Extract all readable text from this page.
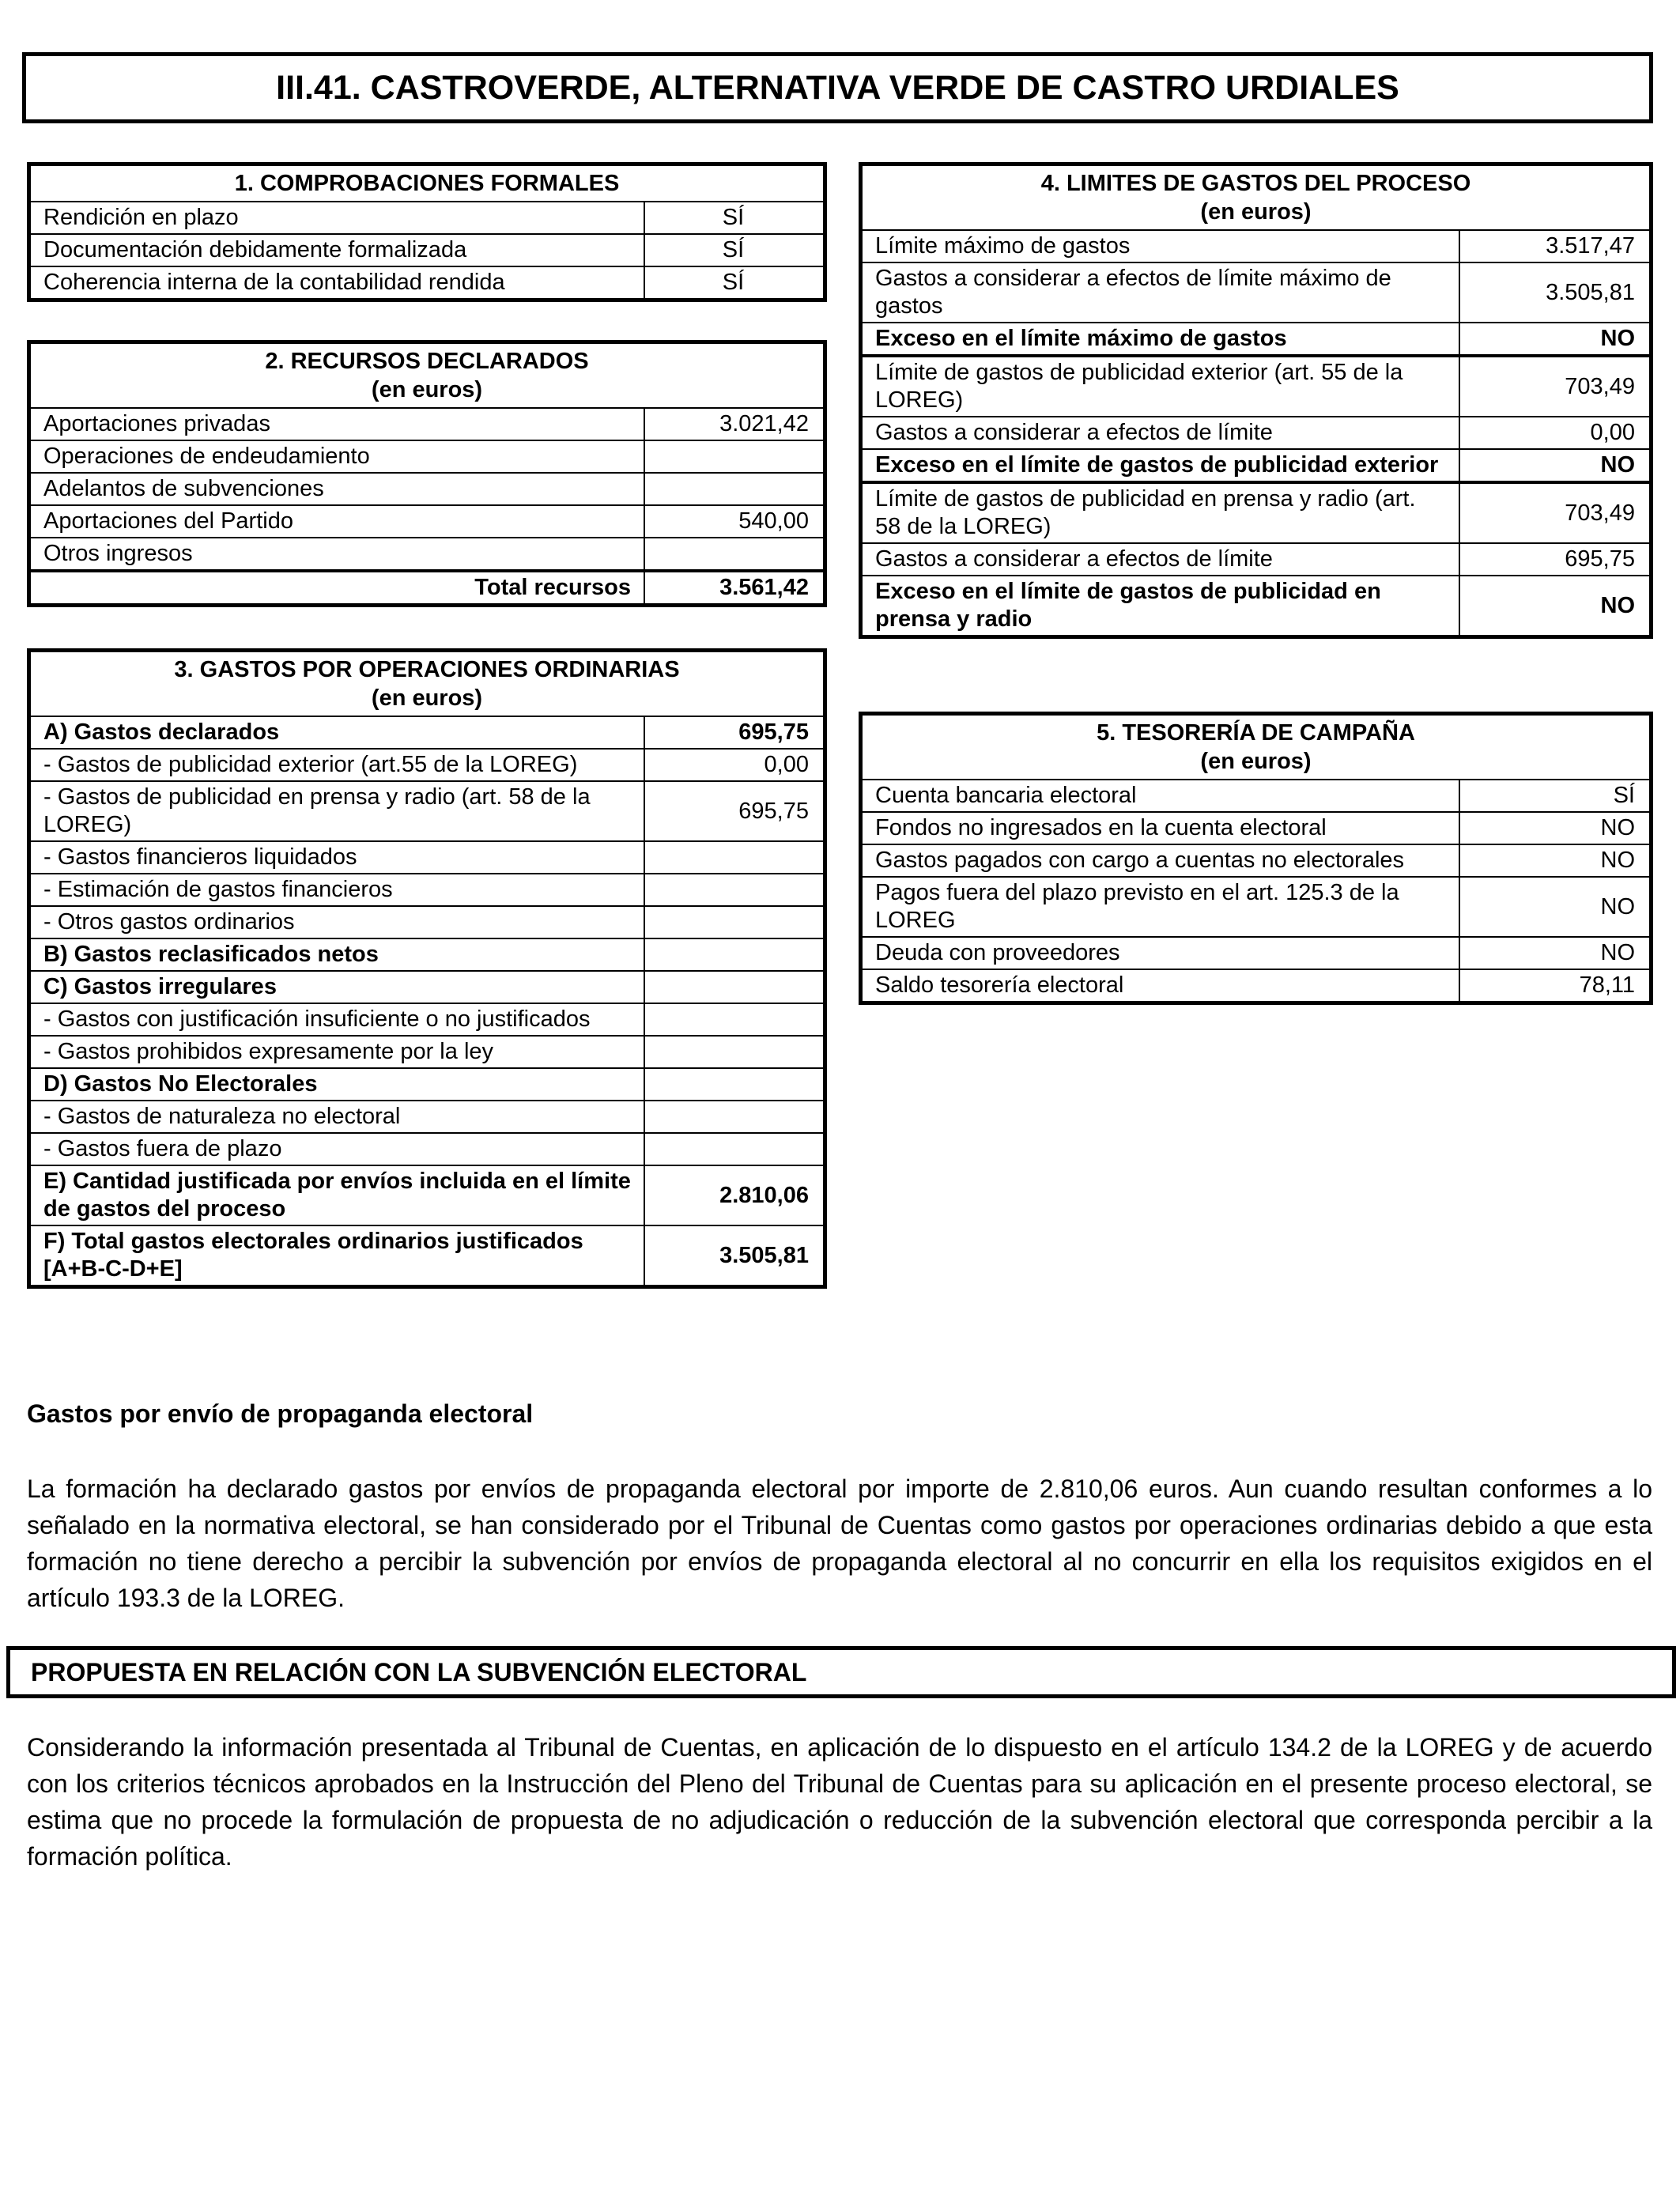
III.41. CASTROVERDE, ALTERNATIVA VERDE DE CASTRO URDIALES
1. COMPROBACIONES FORMALES	
Rendición en plazo	SÍ
Documentación debidamente formalizada	SÍ
Coherencia interna de la contabilidad rendida	SÍ
2. RECURSOS DECLARADOS
(en euros)	

Aportaciones privadas	3.021,42
Operaciones de endeudamiento	
Adelantos de subvenciones	
Aportaciones del Partido	540,00
Otros ingresos	
Total recursos	3.561,42
3. GASTOS POR OPERACIONES ORDINARIAS
(en euros)	

A) Gastos declarados	695,75
- Gastos de publicidad exterior (art.55 de la LOREG)	0,00
- Gastos de publicidad en prensa y radio (art. 58 de la LOREG)	695,75
- Gastos financieros liquidados	
- Estimación de gastos financieros	
- Otros gastos ordinarios	
B) Gastos reclasificados netos	
C) Gastos irregulares	
- Gastos con justificación insuficiente o no justificados	
- Gastos prohibidos expresamente por la ley	
D) Gastos No Electorales	
- Gastos de naturaleza no electoral	
- Gastos fuera de plazo	
E) Cantidad justificada por envíos incluida en el límite de gastos del proceso	2.810,06
F) Total gastos electorales ordinarios justificados [A+B-C-D+E]	3.505,81
4. LIMITES DE GASTOS DEL PROCESO
(en euros)	

Límite máximo de gastos	3.517,47
Gastos a considerar a efectos de límite máximo de gastos	3.505,81
Exceso en el límite máximo de gastos	NO
Límite de gastos de publicidad exterior (art. 55 de la LOREG)	703,49
Gastos a considerar a efectos de límite	0,00
Exceso en el límite de gastos de publicidad exterior	NO
Límite de gastos de publicidad en prensa y radio (art. 58 de la LOREG)	703,49
Gastos a considerar a efectos de límite	695,75
Exceso en el límite de gastos de publicidad en prensa y radio	NO
5. TESORERÍA DE CAMPAÑA
(en euros)	

Cuenta bancaria electoral	SÍ
Fondos no ingresados en la cuenta electoral	NO
Gastos pagados con cargo a cuentas no electorales	NO
Pagos fuera del plazo previsto en el art. 125.3 de la LOREG	NO
Deuda con proveedores	NO
Saldo tesorería electoral	78,11
Gastos por envío de propaganda electoral
La formación ha declarado gastos por envíos de propaganda electoral por importe de 2.810,06 euros. Aun cuando resultan conformes a lo señalado en la normativa electoral, se han considerado por el Tribunal de Cuentas como gastos por operaciones ordinarias debido a que esta formación no tiene derecho a percibir la subvención por envíos de propaganda electoral al no concurrir en ella los requisitos exigidos en el artículo 193.3 de la LOREG.
PROPUESTA EN RELACIÓN CON LA SUBVENCIÓN ELECTORAL
Considerando la información presentada al Tribunal de Cuentas, en aplicación de lo dispuesto en el artículo 134.2 de la LOREG y de acuerdo con los criterios técnicos aprobados en la Instrucción del Pleno del Tribunal de Cuentas para su aplicación en el presente proceso electoral, se estima que no procede la formulación de propuesta de no adjudicación o reducción de la subvención electoral que corresponda percibir a la formación política.
